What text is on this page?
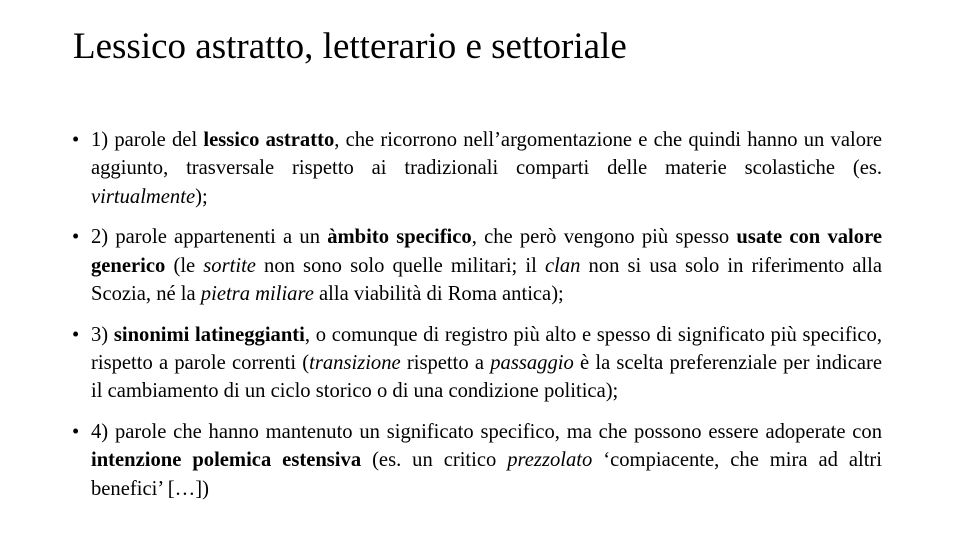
Lessico astratto, letterario e settoriale
• 1) parole del lessico astratto, che ricorrono nell’argomentazione e che quindi hanno un valore aggiunto, trasversale rispetto ai tradizionali comparti delle materie scolastiche (es. virtualmente);
• 2) parole appartenenti a un àmbito specifico, che però vengono più spesso usate con valore generico (le sortite non sono solo quelle militari; il clan non si usa solo in riferimento alla Scozia, né la pietra miliare alla viabilità di Roma antica);
• 3) sinonimi latineggianti, o comunque di registro più alto e spesso di significato più specifico, rispetto a parole correnti (transizione rispetto a passaggio è la scelta preferenziale per indicare il cambiamento di un ciclo storico o di una condizione politica);
• 4) parole che hanno mantenuto un significato specifico, ma che possono essere adoperate con intenzione polemica estensiva (es. un critico prezzolato ‘compiacente, che mira ad altri benefici’ […])
